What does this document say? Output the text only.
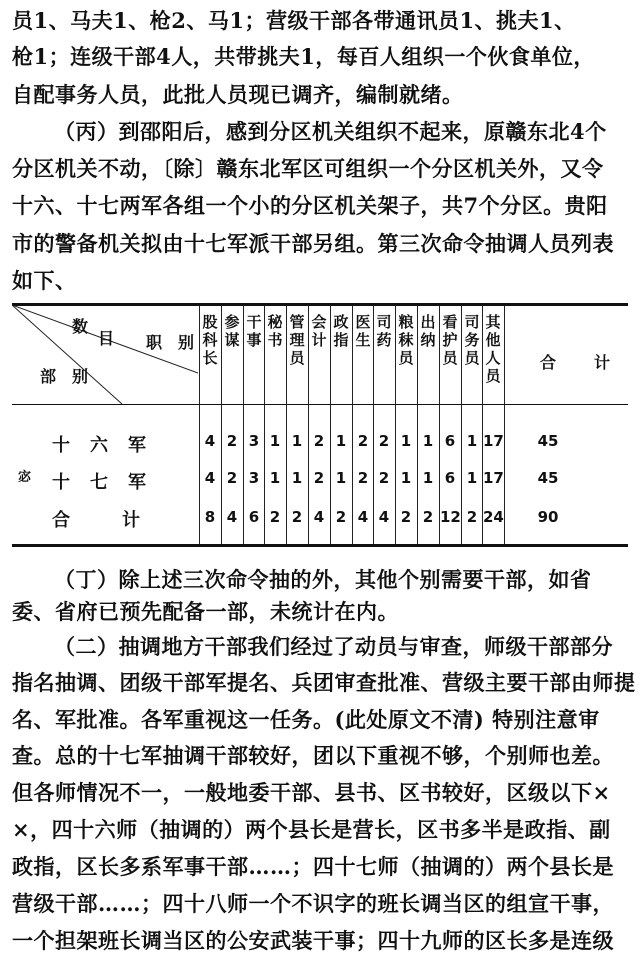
员1、马夫1、枪2、马1；营级干部各带通讯员1、挑夫1、
枪1；连级干部4人，共带挑夫1，每百人组织一个伙食单位，
自配事务人员，此批人员现已调齐，编制就绪。
（丙）到邵阳后，感到分区机关组织不起来，原赣东北4个
分区机关不动，〔除〕赣东北军区可组织一个分区机关外，又令
十六、十七两军各组一个小的分区机关架子，共7个分区。贵阳
市的警备机关拟由十七军派干部另组。第三次命令抽调人员列表
如下、
数
目 职　别
部　别
股科长
4
4
8
参谋
2
2
4
干事
3
3
6
秘书
1
1
2
管理员
1
1
2
会计
2
2
4
政指
1
1
2
医生
2
2
4
司药
2
2
4
粮秣员
1
1
2
出纳
1
1
2
看护员
6
6
12
司务员
1
1
2
其他人员
17
17
24
合　　计
十六军
十七军
合计
45
45
90
宓
（丁）除上述三次命令抽的外，其他个别需要干部，如省
委、省府已预先配备一部，未统计在内。
（二）抽调地方干部我们经过了动员与审查，师级干部部分
指名抽调、团级干部军提名、兵团审查批准、营级主要干部由师提
名、军批准。各军重视这一任务。(此处原文不清) 特别注意审
查。总的十七军抽调干部较好，团以下重视不够，个别师也差。
但各师情况不一，一般地委干部、县书、区书较好，区级以下×
×，四十六师（抽调的）两个县长是营长，区书多半是政指、副
政指，区长多系军事干部……；四十七师（抽调的）两个县长是
营级干部……；四十八师一个不识字的班长调当区的组宣干事，
一个担架班长调当区的公安武装干事；四十九师的区长多是连级
